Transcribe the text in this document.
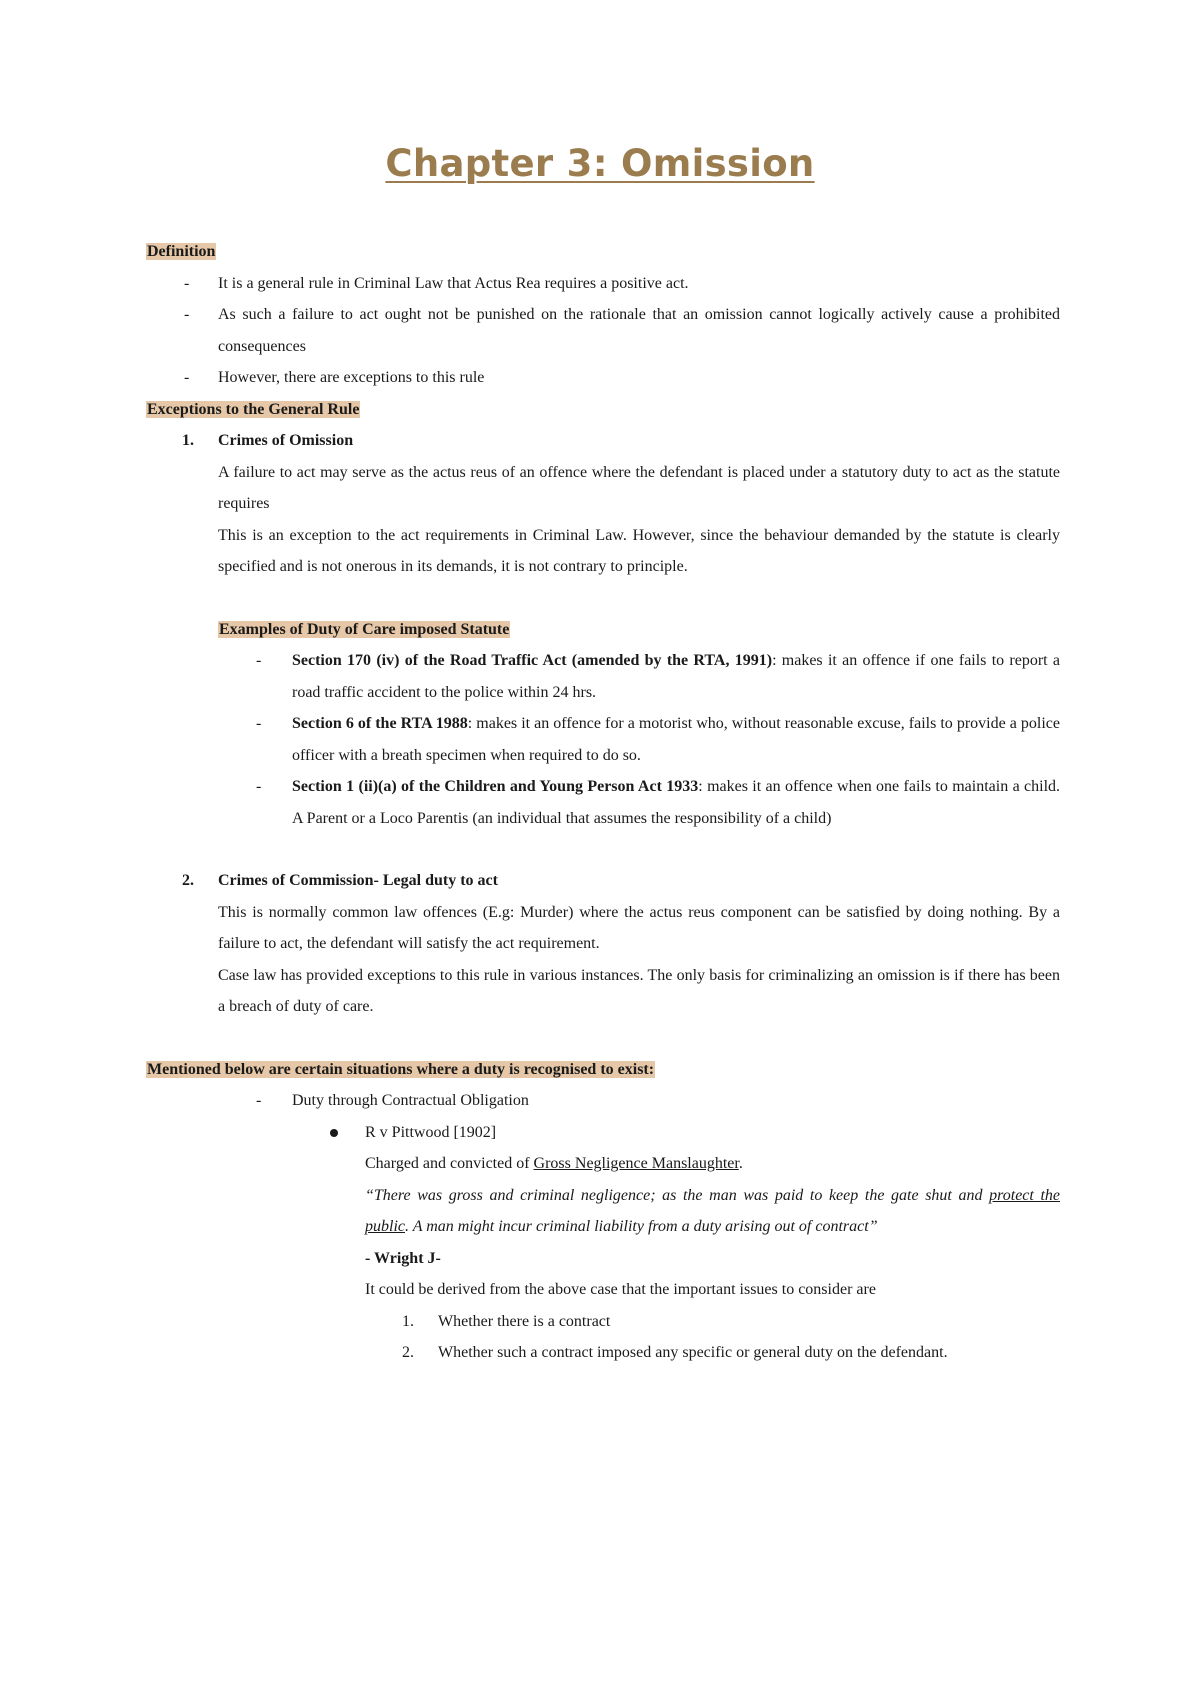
Chapter 3: Omission
Definition
- It is a general rule in Criminal Law that Actus Rea requires a positive act.
- As such a failure to act ought not be punished on the rationale that an omission cannot logically actively cause a prohibited consequences
- However, there are exceptions to this rule
Exceptions to the General Rule
1. Crimes of Omission

A failure to act may serve as the actus reus of an offence where the defendant is placed under a statutory duty to act as the statute requires

This is an exception to the act requirements in Criminal Law. However, since the behaviour demanded by the statute is clearly specified and is not onerous in its demands, it is not contrary to principle.

Examples of Duty of Care imposed Statute
- Section 170 (iv) of the Road Traffic Act (amended by the RTA, 1991): makes it an offence if one fails to report a road traffic accident to the police within 24 hrs.
- Section 6 of the RTA 1988: makes it an offence for a motorist who, without reasonable excuse, fails to provide a police officer with a breath specimen when required to do so.
- Section 1 (ii)(a) of the Children and Young Person Act 1933: makes it an offence when one fails to maintain a child. A Parent or a Loco Parentis (an individual that assumes the responsibility of a child)
2. Crimes of Commission- Legal duty to act

This is normally common law offences (E.g: Murder) where the actus reus component can be satisfied by doing nothing. By a failure to act, the defendant will satisfy the act requirement.

Case law has provided exceptions to this rule in various instances. The only basis for criminalizing an omission is if there has been a breach of duty of care.

Mentioned below are certain situations where a duty is recognised to exist:
- Duty through Contractual Obligation
R v Pittwood [1902]

Charged and convicted of Gross Negligence Manslaughter.

“There was gross and criminal negligence; as the man was paid to keep the gate shut and protect the public. A man might incur criminal liability from a duty arising out of contract”

- Wright J-

It could be derived from the above case that the important issues to consider are

1. Whether there is a contract
2. Whether such a contract imposed any specific or general duty on the defendant.
